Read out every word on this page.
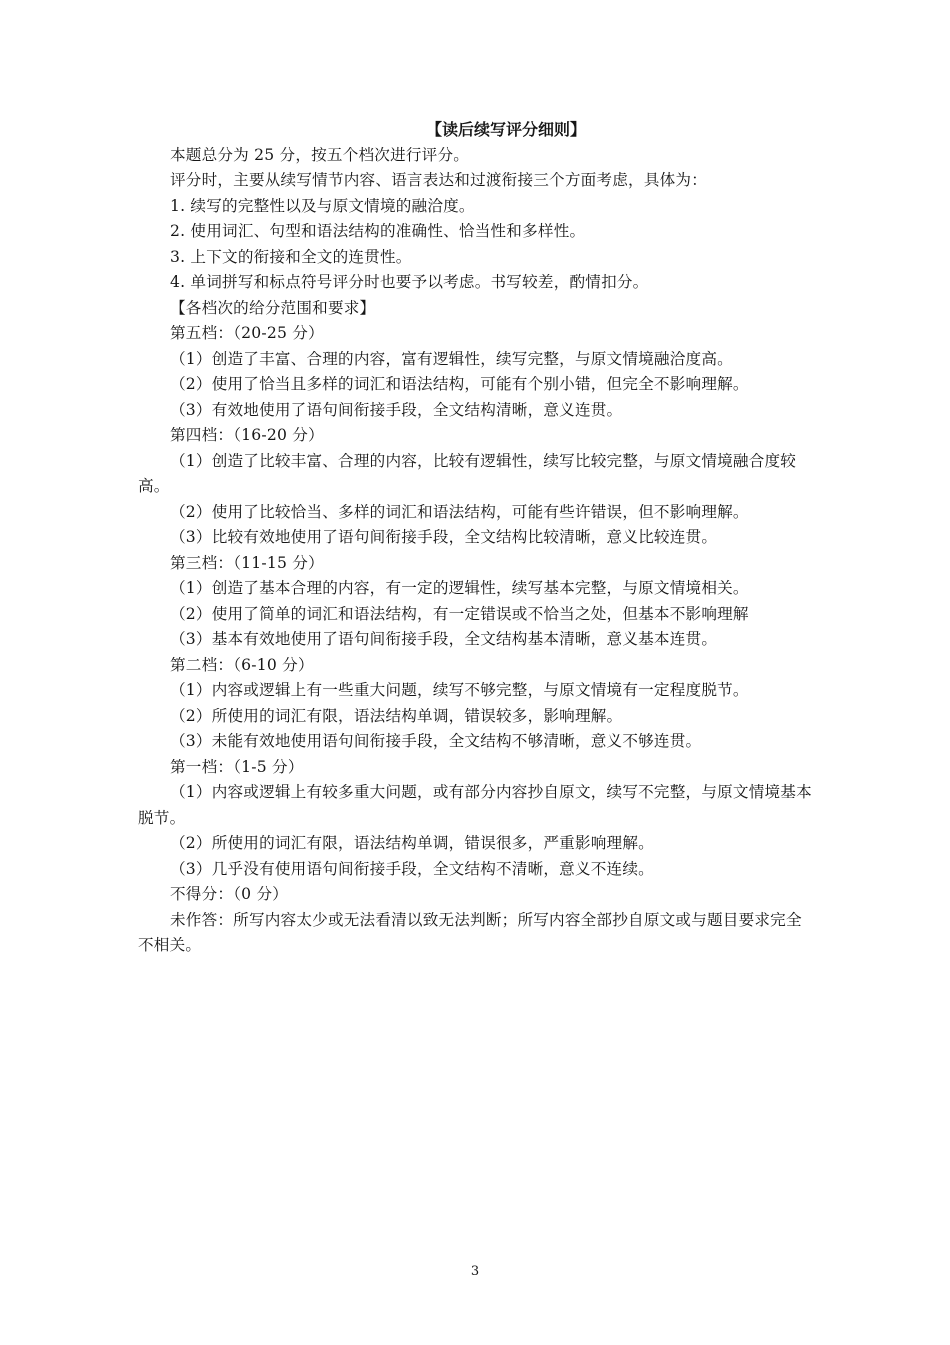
【读后续写评分细则】
本题总分为 25 分，按五个档次进行评分。
评分时，主要从续写情节内容、语言表达和过渡衔接三个方面考虑，具体为：
1. 续写的完整性以及与原文情境的融洽度。
2. 使用词汇、句型和语法结构的准确性、恰当性和多样性。
3. 上下文的衔接和全文的连贯性。
4. 单词拼写和标点符号评分时也要予以考虑。书写较差，酌情扣分。
【各档次的给分范围和要求】
第五档：（20-25 分）
（1）创造了丰富、合理的内容，富有逻辑性，续写完整，与原文情境融洽度高。
（2）使用了恰当且多样的词汇和语法结构，可能有个别小错，但完全不影响理解。
（3）有效地使用了语句间衔接手段，全文结构清晰，意义连贯。
第四档：（16-20 分）
（1）创造了比较丰富、合理的内容，比较有逻辑性，续写比较完整，与原文情境融合度较高。
（2）使用了比较恰当、多样的词汇和语法结构，可能有些许错误，但不影响理解。
（3）比较有效地使用了语句间衔接手段，全文结构比较清晰，意义比较连贯。
第三档：（11-15 分）
（1）创造了基本合理的内容，有一定的逻辑性，续写基本完整，与原文情境相关。
（2）使用了简单的词汇和语法结构，有一定错误或不恰当之处，但基本不影响理解
（3）基本有效地使用了语句间衔接手段，全文结构基本清晰，意义基本连贯。
第二档：（6-10 分）
（1）内容或逻辑上有一些重大问题，续写不够完整，与原文情境有一定程度脱节。
（2）所使用的词汇有限，语法结构单调，错误较多，影响理解。
（3）未能有效地使用语句间衔接手段，全文结构不够清晰，意义不够连贯。
第一档：（1-5 分）
（1）内容或逻辑上有较多重大问题，或有部分内容抄自原文，续写不完整，与原文情境基本脱节。
（2）所使用的词汇有限，语法结构单调，错误很多，严重影响理解。
（3）几乎没有使用语句间衔接手段，全文结构不清晰，意义不连续。
不得分：（0 分）
未作答：所写内容太少或无法看清以致无法判断；所写内容全部抄自原文或与题目要求完全不相关。
3
